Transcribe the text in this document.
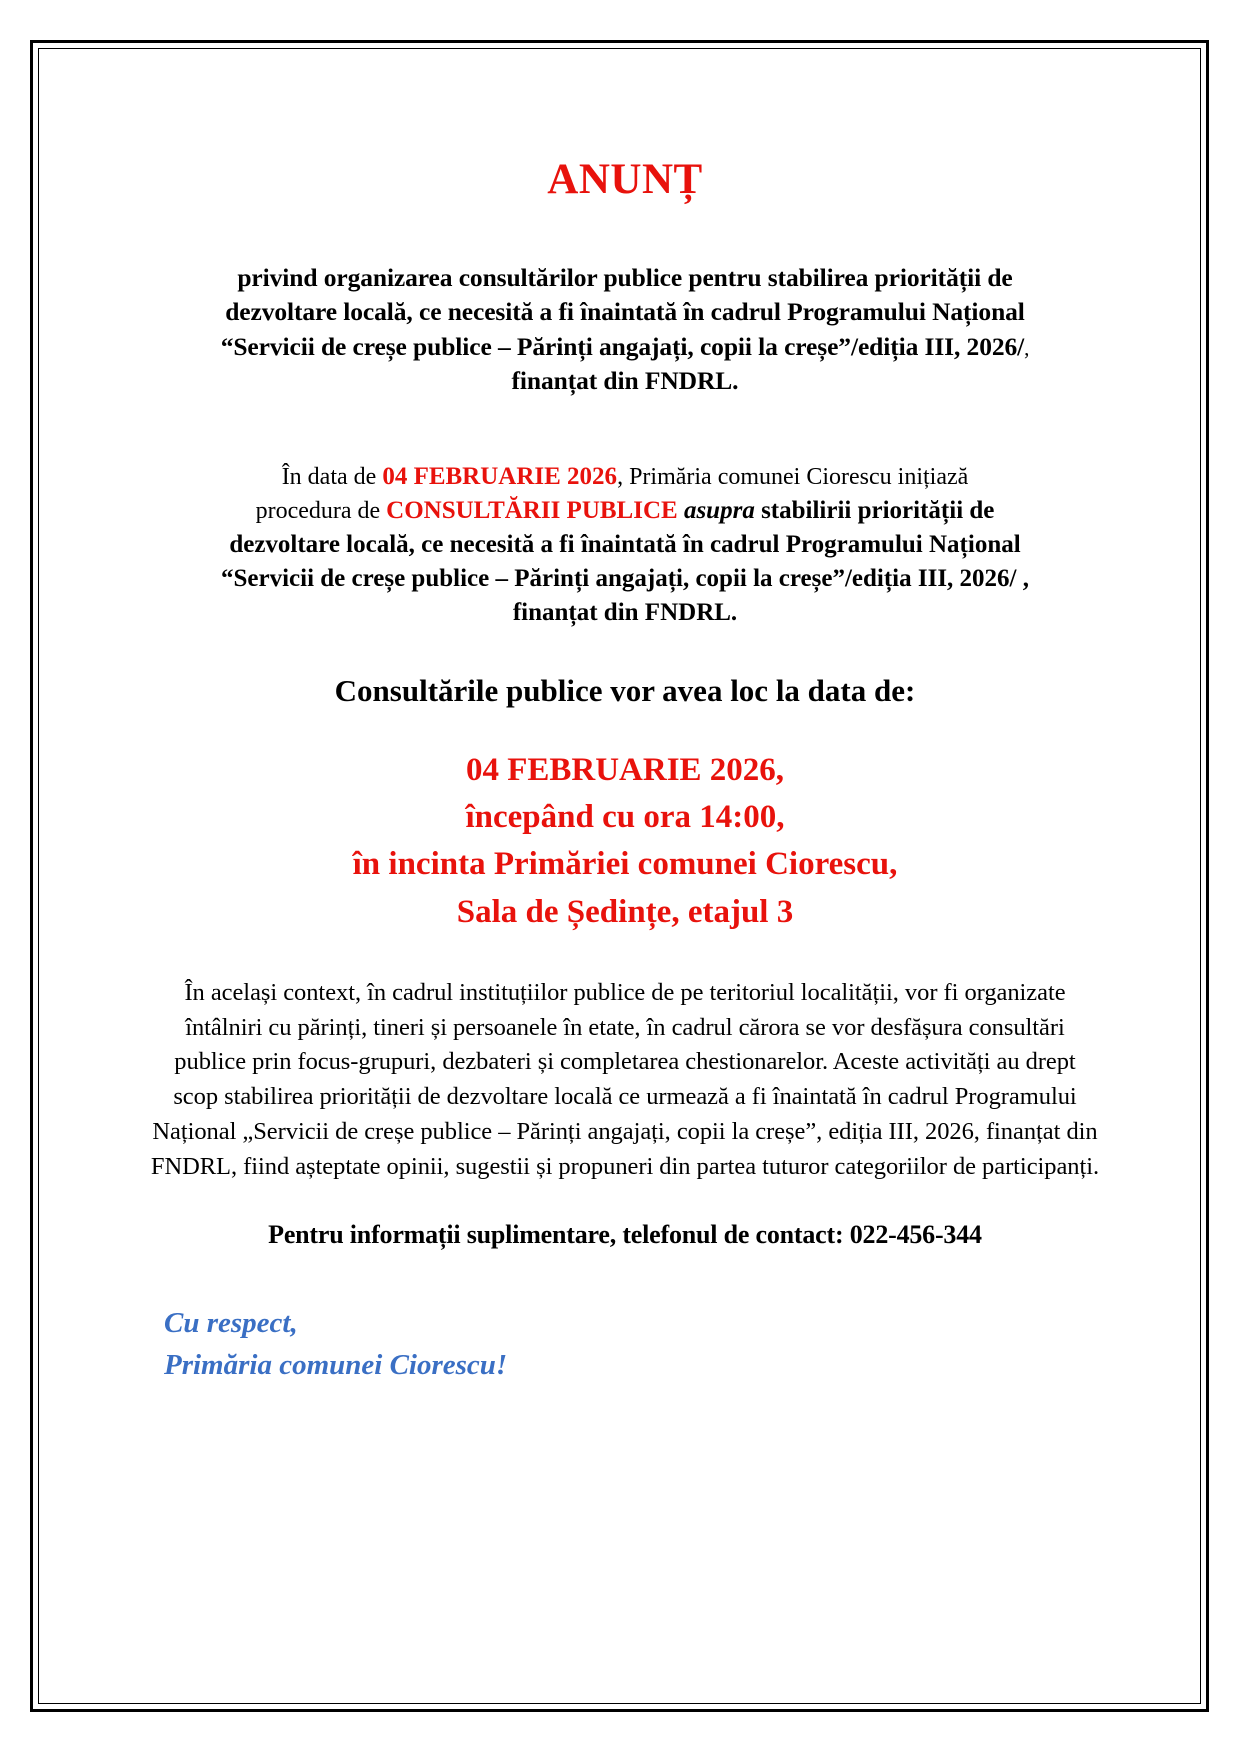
ANUNȚ

privind organizarea consultărilor publice pentru stabilirea priorității de
dezvoltare locală, ce necesită a fi înaintată în cadrul Programului Național
“Servicii de creșe publice – Părinți angajați, copii la creșe”/ediția III, 2026/,
finanțat din FNDRL.

În data de 04 FEBRUARIE 2026, Primăria comunei Ciorescu inițiază
procedura de CONSULTĂRII PUBLICE asupra stabilirii priorității de
dezvoltare locală, ce necesită a fi înaintată în cadrul Programului Național
“Servicii de creșe publice – Părinți angajați, copii la creșe”/ediția III, 2026/ ,
finanțat din FNDRL.

Consultările publice vor avea loc la data de:

04 FEBRUARIE 2026,
începând cu ora 14:00,
în incinta Primăriei comunei Ciorescu,
Sala de Ședințe, etajul 3

În același context, în cadrul instituțiilor publice de pe teritoriul localității, vor fi organizate întâlniri cu părinți, tineri și persoanele în etate, în cadrul cărora se vor desfășura consultări publice prin focus-grupuri, dezbateri și completarea chestionarelor. Aceste activități au drept scop stabilirea priorității de dezvoltare locală ce urmează a fi înaintată în cadrul Programului Național „Servicii de creșe publice – Părinți angajați, copii la creșe”, ediția III, 2026, finanțat din FNDRL, fiind așteptate opinii, sugestii și propuneri din partea tuturor categoriilor de participanți.

Pentru informații suplimentare, telefonul de contact: 022-456-344

Cu respect,
Primăria comunei Ciorescu!
